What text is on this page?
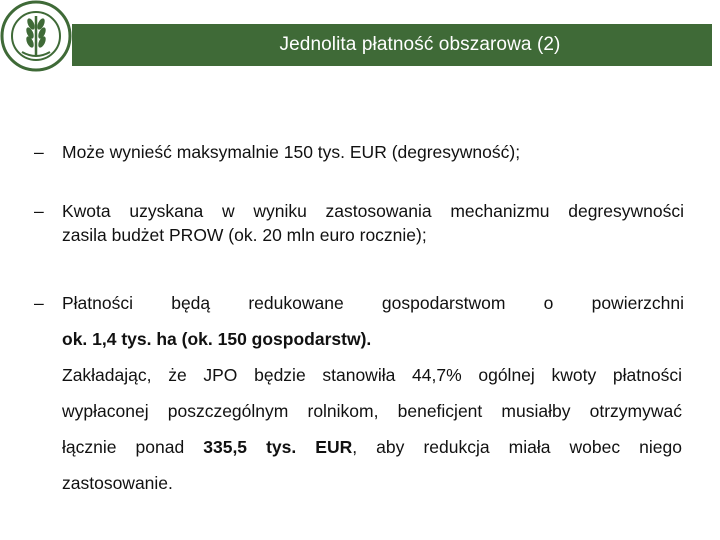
Jednolita płatność obszarowa (2)
– Może wynieść maksymalnie 150 tys. EUR (degresywność);
– Kwota uzyskana w wyniku zastosowania mechanizmu degresywności
zasila budżet PROW (ok. 20 mln euro rocznie);
– Płatności będą redukowane gospodarstwom o powierzchni
ok. 1,4 tys. ha (ok. 150 gospodarstw).
Zakładając, że JPO będzie stanowiła 44,7% ogólnej kwoty płatności
wypłaconej poszczególnym rolnikom, beneficjent musiałby otrzymywać
łącznie ponad 335,5 tys. EUR, aby redukcja miała wobec niego
zastosowanie.
